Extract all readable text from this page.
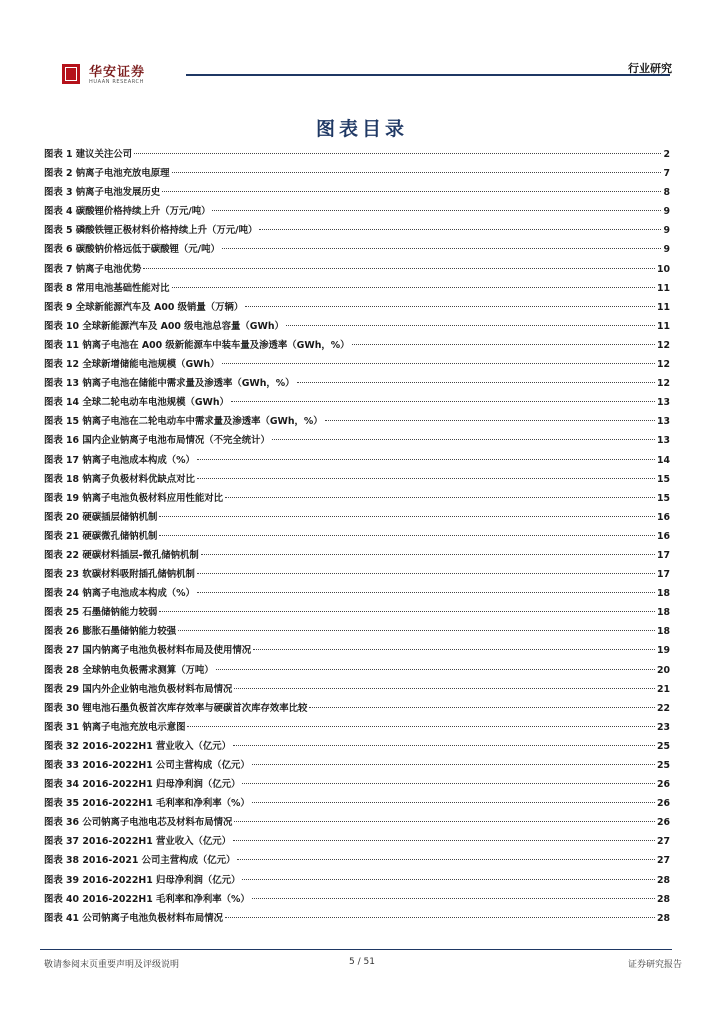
华安证券
HUAAN RESEARCH
行业研究
图表目录
图表 1 建议关注公司	2
图表 2 钠离子电池充放电原理	7
图表 3 钠离子电池发展历史	8
图表 4 碳酸锂价格持续上升（万元/吨）	9
图表 5 磷酸铁锂正极材料价格持续上升（万元/吨）	9
图表 6 碳酸钠价格远低于碳酸锂（元/吨）	9
图表 7 钠离子电池优势	10
图表 8 常用电池基础性能对比	11
图表 9 全球新能源汽车及 A00 级销量（万辆）	11
图表 10 全球新能源汽车及 A00 级电池总容量（GWh）	11
图表 11 钠离子电池在 A00 级新能源车中装车量及渗透率（GWh，%）	12
图表 12 全球新增储能电池规模（GWh）	12
图表 13 钠离子电池在储能中需求量及渗透率（GWh，%）	12
图表 14 全球二轮电动车电池规模（GWh）	13
图表 15 钠离子电池在二轮电动车中需求量及渗透率（GWh，%）	13
图表 16 国内企业钠离子电池布局情况（不完全统计）	13
图表 17 钠离子电池成本构成（%）	14
图表 18 钠离子负极材料优缺点对比	15
图表 19 钠离子电池负极材料应用性能对比	15
图表 20 硬碳插层储钠机制	16
图表 21 硬碳微孔储钠机制	16
图表 22 硬碳材料插层-微孔储钠机制	17
图表 23 软碳材料吸附插孔储钠机制	17
图表 24 钠离子电池成本构成（%）	18
图表 25 石墨储钠能力较弱	18
图表 26 膨胀石墨储钠能力较强	18
图表 27 国内钠离子电池负极材料布局及使用情况	19
图表 28 全球钠电负极需求测算（万吨）	20
图表 29 国内外企业钠电池负极材料布局情况	21
图表 30 锂电池石墨负极首次库存效率与硬碳首次库存效率比较	22
图表 31 钠离子电池充放电示意图	23
图表 32 2016-2022H1 营业收入（亿元）	25
图表 33 2016-2022H1 公司主营构成（亿元）	25
图表 34 2016-2022H1 归母净利润（亿元）	26
图表 35 2016-2022H1 毛利率和净利率（%）	26
图表 36 公司钠离子电池电芯及材料布局情况	26
图表 37 2016-2022H1 营业收入（亿元）	27
图表 38 2016-2021 公司主营构成（亿元）	27
图表 39 2016-2022H1 归母净利润（亿元）	28
图表 40 2016-2022H1 毛利率和净利率（%）	28
图表 41 公司钠离子电池负极材料布局情况	28
敬请参阅末页重要声明及评级说明	5 / 51	证券研究报告
